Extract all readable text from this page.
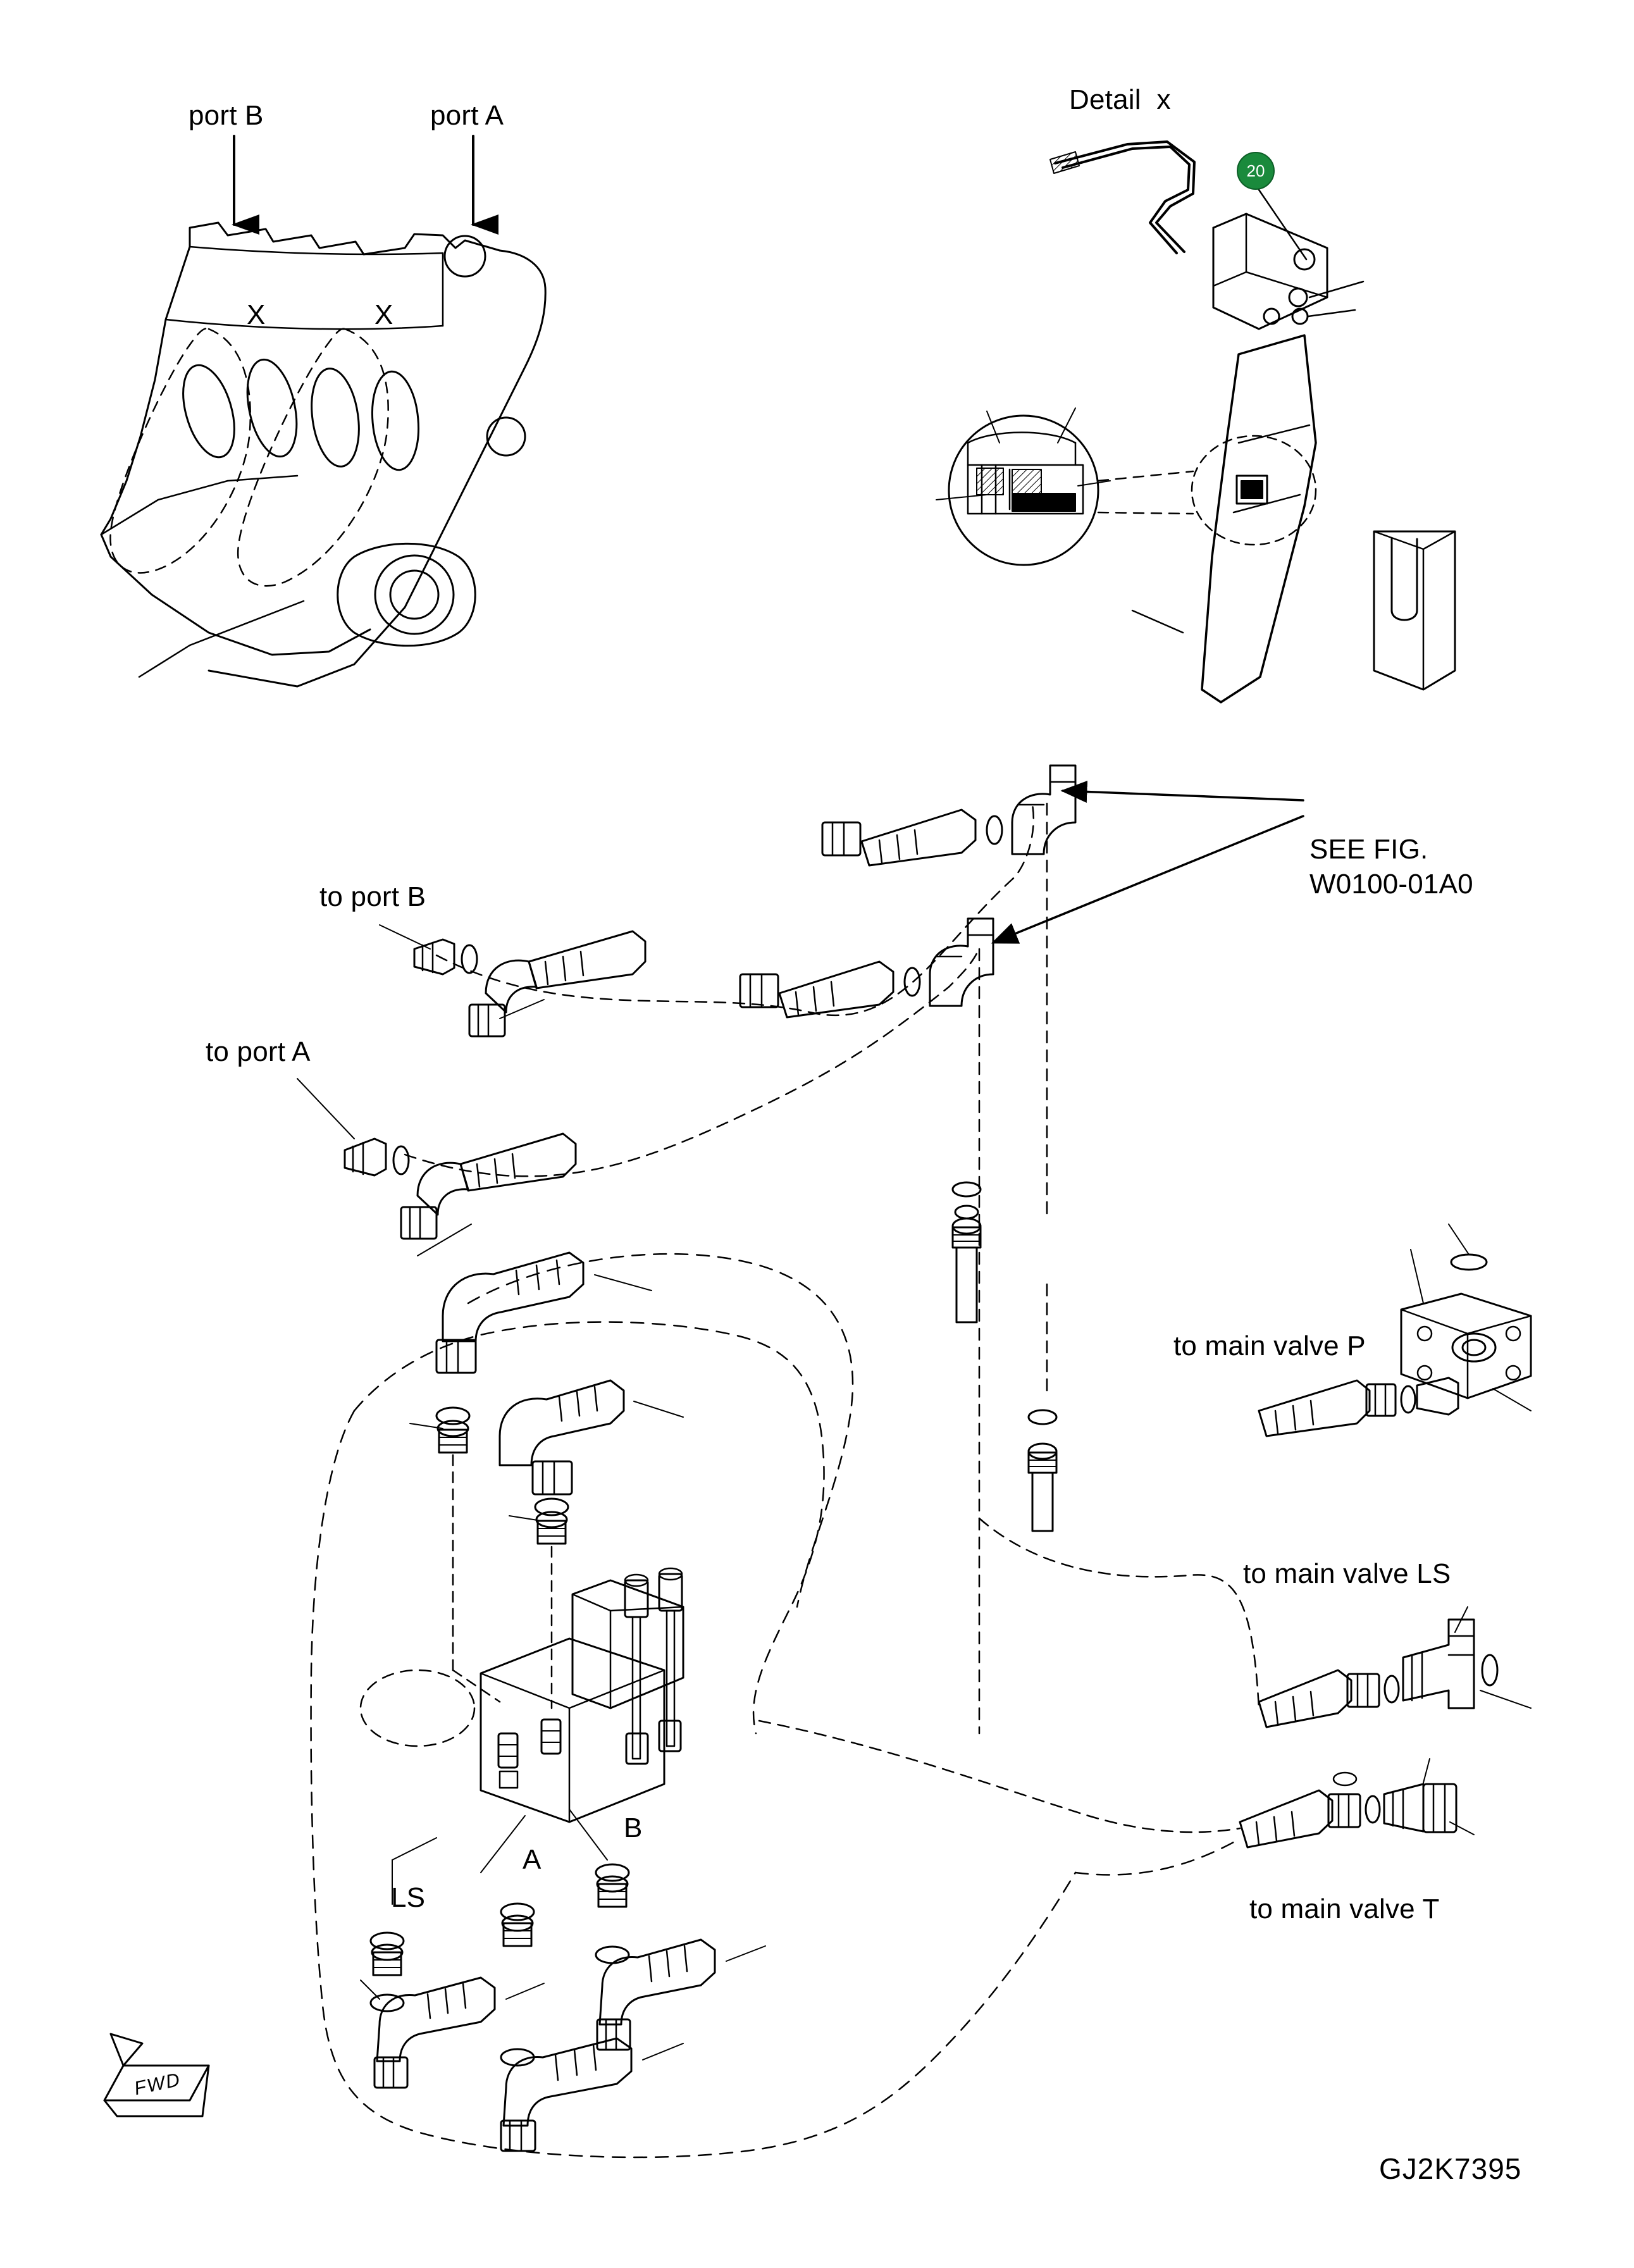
port B	port A
X	X
Detail  x
20
SEE FIG.
W0100-01A0
to port B
to port A
to main valve P
to main valve LS
to main valve T
LS
A
B
FWD
GJ2K7395
